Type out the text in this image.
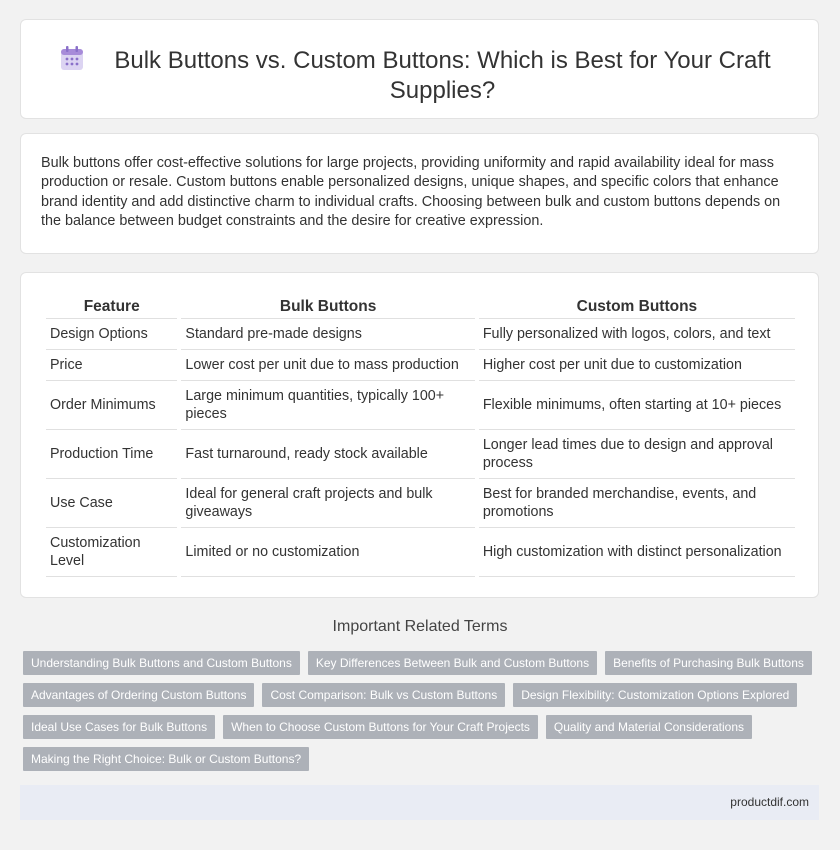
Bulk Buttons vs. Custom Buttons: Which is Best for Your Craft Supplies?

Bulk buttons offer cost-effective solutions for large projects, providing uniformity and rapid availability ideal for mass production or resale. Custom buttons enable personalized designs, unique shapes, and specific colors that enhance brand identity and add distinctive charm to individual crafts. Choosing between bulk and custom buttons depends on the balance between budget constraints and the desire for creative expression.

Feature	Bulk Buttons	Custom Buttons
Design Options	Standard pre-made designs	Fully personalized with logos, colors, and text
Price	Lower cost per unit due to mass production	Higher cost per unit due to customization
Order Minimums	Large minimum quantities, typically 100+ pieces	Flexible minimums, often starting at 10+ pieces
Production Time	Fast turnaround, ready stock available	Longer lead times due to design and approval process
Use Case	Ideal for general craft projects and bulk giveaways	Best for branded merchandise, events, and promotions
Customization Level	Limited or no customization	High customization with distinct personalization
Important Related Terms
Understanding Bulk Buttons and Custom Buttons	Key Differences Between Bulk and Custom Buttons	Benefits of Purchasing Bulk Buttons
Advantages of Ordering Custom Buttons	Cost Comparison: Bulk vs Custom Buttons	Design Flexibility: Customization Options Explored
Ideal Use Cases for Bulk Buttons	When to Choose Custom Buttons for Your Craft Projects	Quality and Material Considerations
Making the Right Choice: Bulk or Custom Buttons?
productdif.com
